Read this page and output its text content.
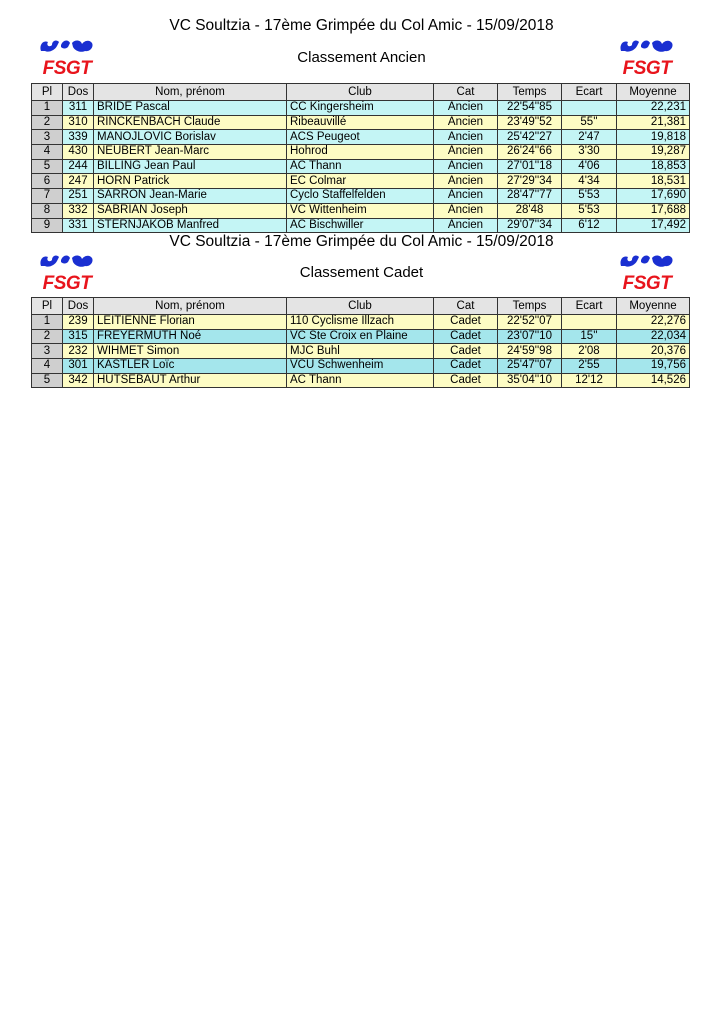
VC Soultzia - 17ème Grimpée du Col Amic - 15/09/2018
Classement Ancien
FSGT	FSGT
Pl	Dos	Nom, prénom	Club	Cat	Temps	Ecart	Moyenne
1	311	BRIDE Pascal	CC Kingersheim	Ancien	22'54''85		22,231
2	310	RINCKENBACH Claude	Ribeauvillé	Ancien	23'49''52	55''	21,381
3	339	MANOJLOVIC Borislav	ACS Peugeot	Ancien	25'42''27	2'47	19,818
4	430	NEUBERT Jean-Marc	Hohrod	Ancien	26'24''66	3'30	19,287
5	244	BILLING Jean Paul	AC Thann	Ancien	27'01''18	4'06	18,853
6	247	HORN Patrick	EC Colmar	Ancien	27'29''34	4'34	18,531
7	251	SARRON Jean-Marie	Cyclo Staffelfelden	Ancien	28'47''77	5'53	17,690
8	332	SABRIAN Joseph	VC Wittenheim	Ancien	28'48	5'53	17,688
9	331	STERNJAKOB Manfred	AC Bischwiller	Ancien	29'07''34	6'12	17,492
VC Soultzia - 17ème Grimpée du Col Amic - 15/09/2018
Classement Cadet
FSGT	FSGT
Pl	Dos	Nom, prénom	Club	Cat	Temps	Ecart	Moyenne
1	239	LEITIENNE Florian	110 Cyclisme Illzach	Cadet	22'52''07		22,276
2	315	FREYERMUTH Noé	VC Ste Croix en Plaine	Cadet	23'07''10	15''	22,034
3	232	WIHMET Simon	MJC Buhl	Cadet	24'59''98	2'08	20,376
4	301	KASTLER Loïc	VCU Schwenheim	Cadet	25'47''07	2'55	19,756
5	342	HUTSEBAUT Arthur	AC Thann	Cadet	35'04''10	12'12	14,526
